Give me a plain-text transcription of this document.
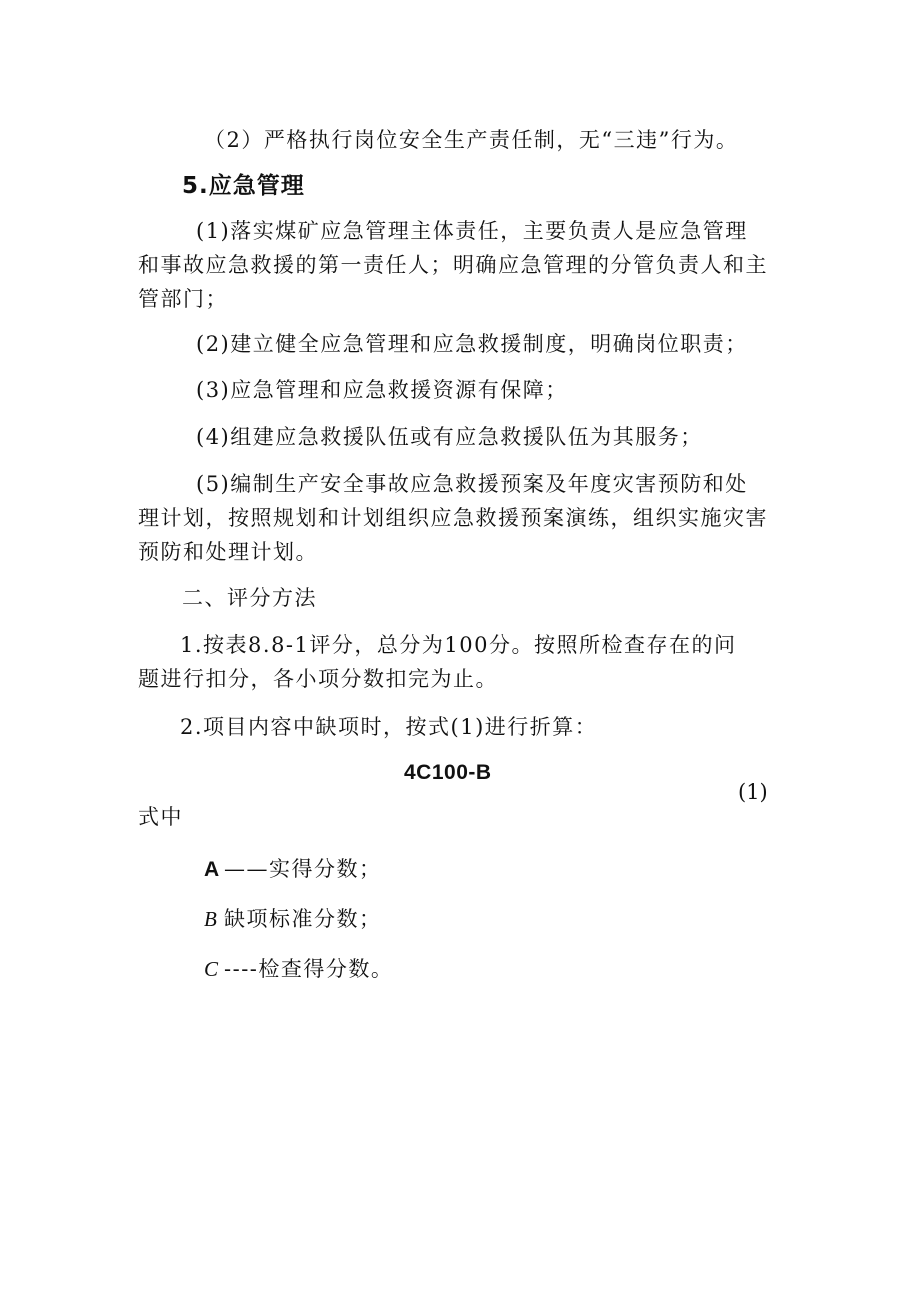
（2）严格执行岗位安全生产责任制，无“三违”行为。
5.应急管理
(1)落实煤矿应急管理主体责任，主要负责人是应急管理
和事故应急救援的第一责任人；明确应急管理的分管负责人和主
管部门；
(2)建立健全应急管理和应急救援制度，明确岗位职责；
(3)应急管理和应急救援资源有保障；
(4)组建应急救援队伍或有应急救援队伍为其服务；
(5)编制生产安全事故应急救援预案及年度灾害预防和处
理计划，按照规划和计划组织应急救援预案演练，组织实施灾害
预防和处理计划。
二、评分方法
1.按表8.8-1评分，总分为100分。按照所检查存在的问
题进行扣分，各小项分数扣完为止。
2.项目内容中缺项时，按式(1)进行折算：
4C100-B
(1)
式中
A ——实得分数；
B 缺项标准分数；
C ----检查得分数。
